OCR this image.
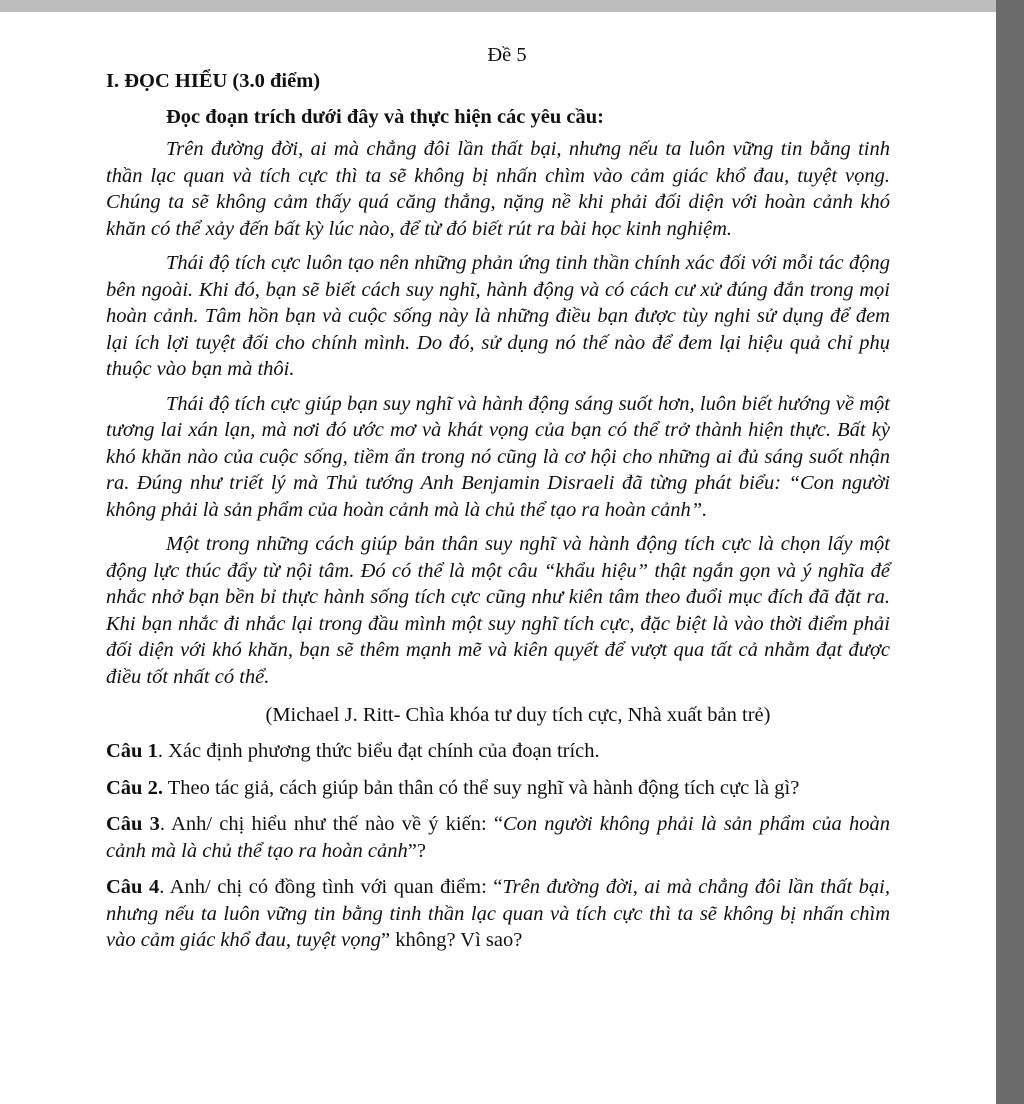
Đề 5

I. ĐỌC HIỂU (3.0 điểm)

Đọc đoạn trích dưới đây và thực hiện các yêu cầu:

Trên đường đời, ai mà chẳng đôi lần thất bại, nhưng nếu ta luôn vững tin bằng tinh thần lạc quan và tích cực thì ta sẽ không bị nhấn chìm vào cảm giác khổ đau, tuyệt vọng. Chúng ta sẽ không cảm thấy quá căng thẳng, nặng nề khi phải đối diện với hoàn cảnh khó khăn có thể xảy đến bất kỳ lúc nào, để từ đó biết rút ra bài học kinh nghiệm.

Thái độ tích cực luôn tạo nên những phản ứng tinh thần chính xác đối với mỗi tác động bên ngoài. Khi đó, bạn sẽ biết cách suy nghĩ, hành động và có cách cư xử đúng đắn trong mọi hoàn cảnh. Tâm hồn bạn và cuộc sống này là những điều bạn được tùy nghi sử dụng để đem lại ích lợi tuyệt đối cho chính mình. Do đó, sử dụng nó thế nào để đem lại hiệu quả chỉ phụ thuộc vào bạn mà thôi.

Thái độ tích cực giúp bạn suy nghĩ và hành động sáng suốt hơn, luôn biết hướng về một tương lai xán lạn, mà nơi đó ước mơ và khát vọng của bạn có thể trở thành hiện thực. Bất kỳ khó khăn nào của cuộc sống, tiềm ẩn trong nó cũng là cơ hội cho những ai đủ sáng suốt nhận ra. Đúng như triết lý mà Thủ tướng Anh Benjamin Disraeli đã từng phát biểu: “Con người không phải là sản phẩm của hoàn cảnh mà là chủ thể tạo ra hoàn cảnh”.

Một trong những cách giúp bản thân suy nghĩ và hành động tích cực là chọn lấy một động lực thúc đẩy từ nội tâm. Đó có thể là một câu “khẩu hiệu” thật ngắn gọn và ý nghĩa để nhắc nhở bạn bền bỉ thực hành sống tích cực cũng như kiên tâm theo đuổi mục đích đã đặt ra. Khi bạn nhắc đi nhắc lại trong đầu mình một suy nghĩ tích cực, đặc biệt là vào thời điểm phải đối diện với khó khăn, bạn sẽ thêm mạnh mẽ và kiên quyết để vượt qua tất cả nhằm đạt được điều tốt nhất có thể.

(Michael J. Ritt- Chìa khóa tư duy tích cực, Nhà xuất bản trẻ)

Câu 1. Xác định phương thức biểu đạt chính của đoạn trích.

Câu 2. Theo tác giả, cách giúp bản thân có thể suy nghĩ và hành động tích cực là gì?

Câu 3. Anh/ chị hiểu như thế nào về ý kiến: “Con người không phải là sản phẩm của hoàn cảnh mà là chủ thể tạo ra hoàn cảnh”?

Câu 4. Anh/ chị có đồng tình với quan điểm: “Trên đường đời, ai mà chẳng đôi lần thất bại, nhưng nếu ta luôn vững tin bằng tinh thần lạc quan và tích cực thì ta sẽ không bị nhấn chìm vào cảm giác khổ đau, tuyệt vọng” không? Vì sao?
